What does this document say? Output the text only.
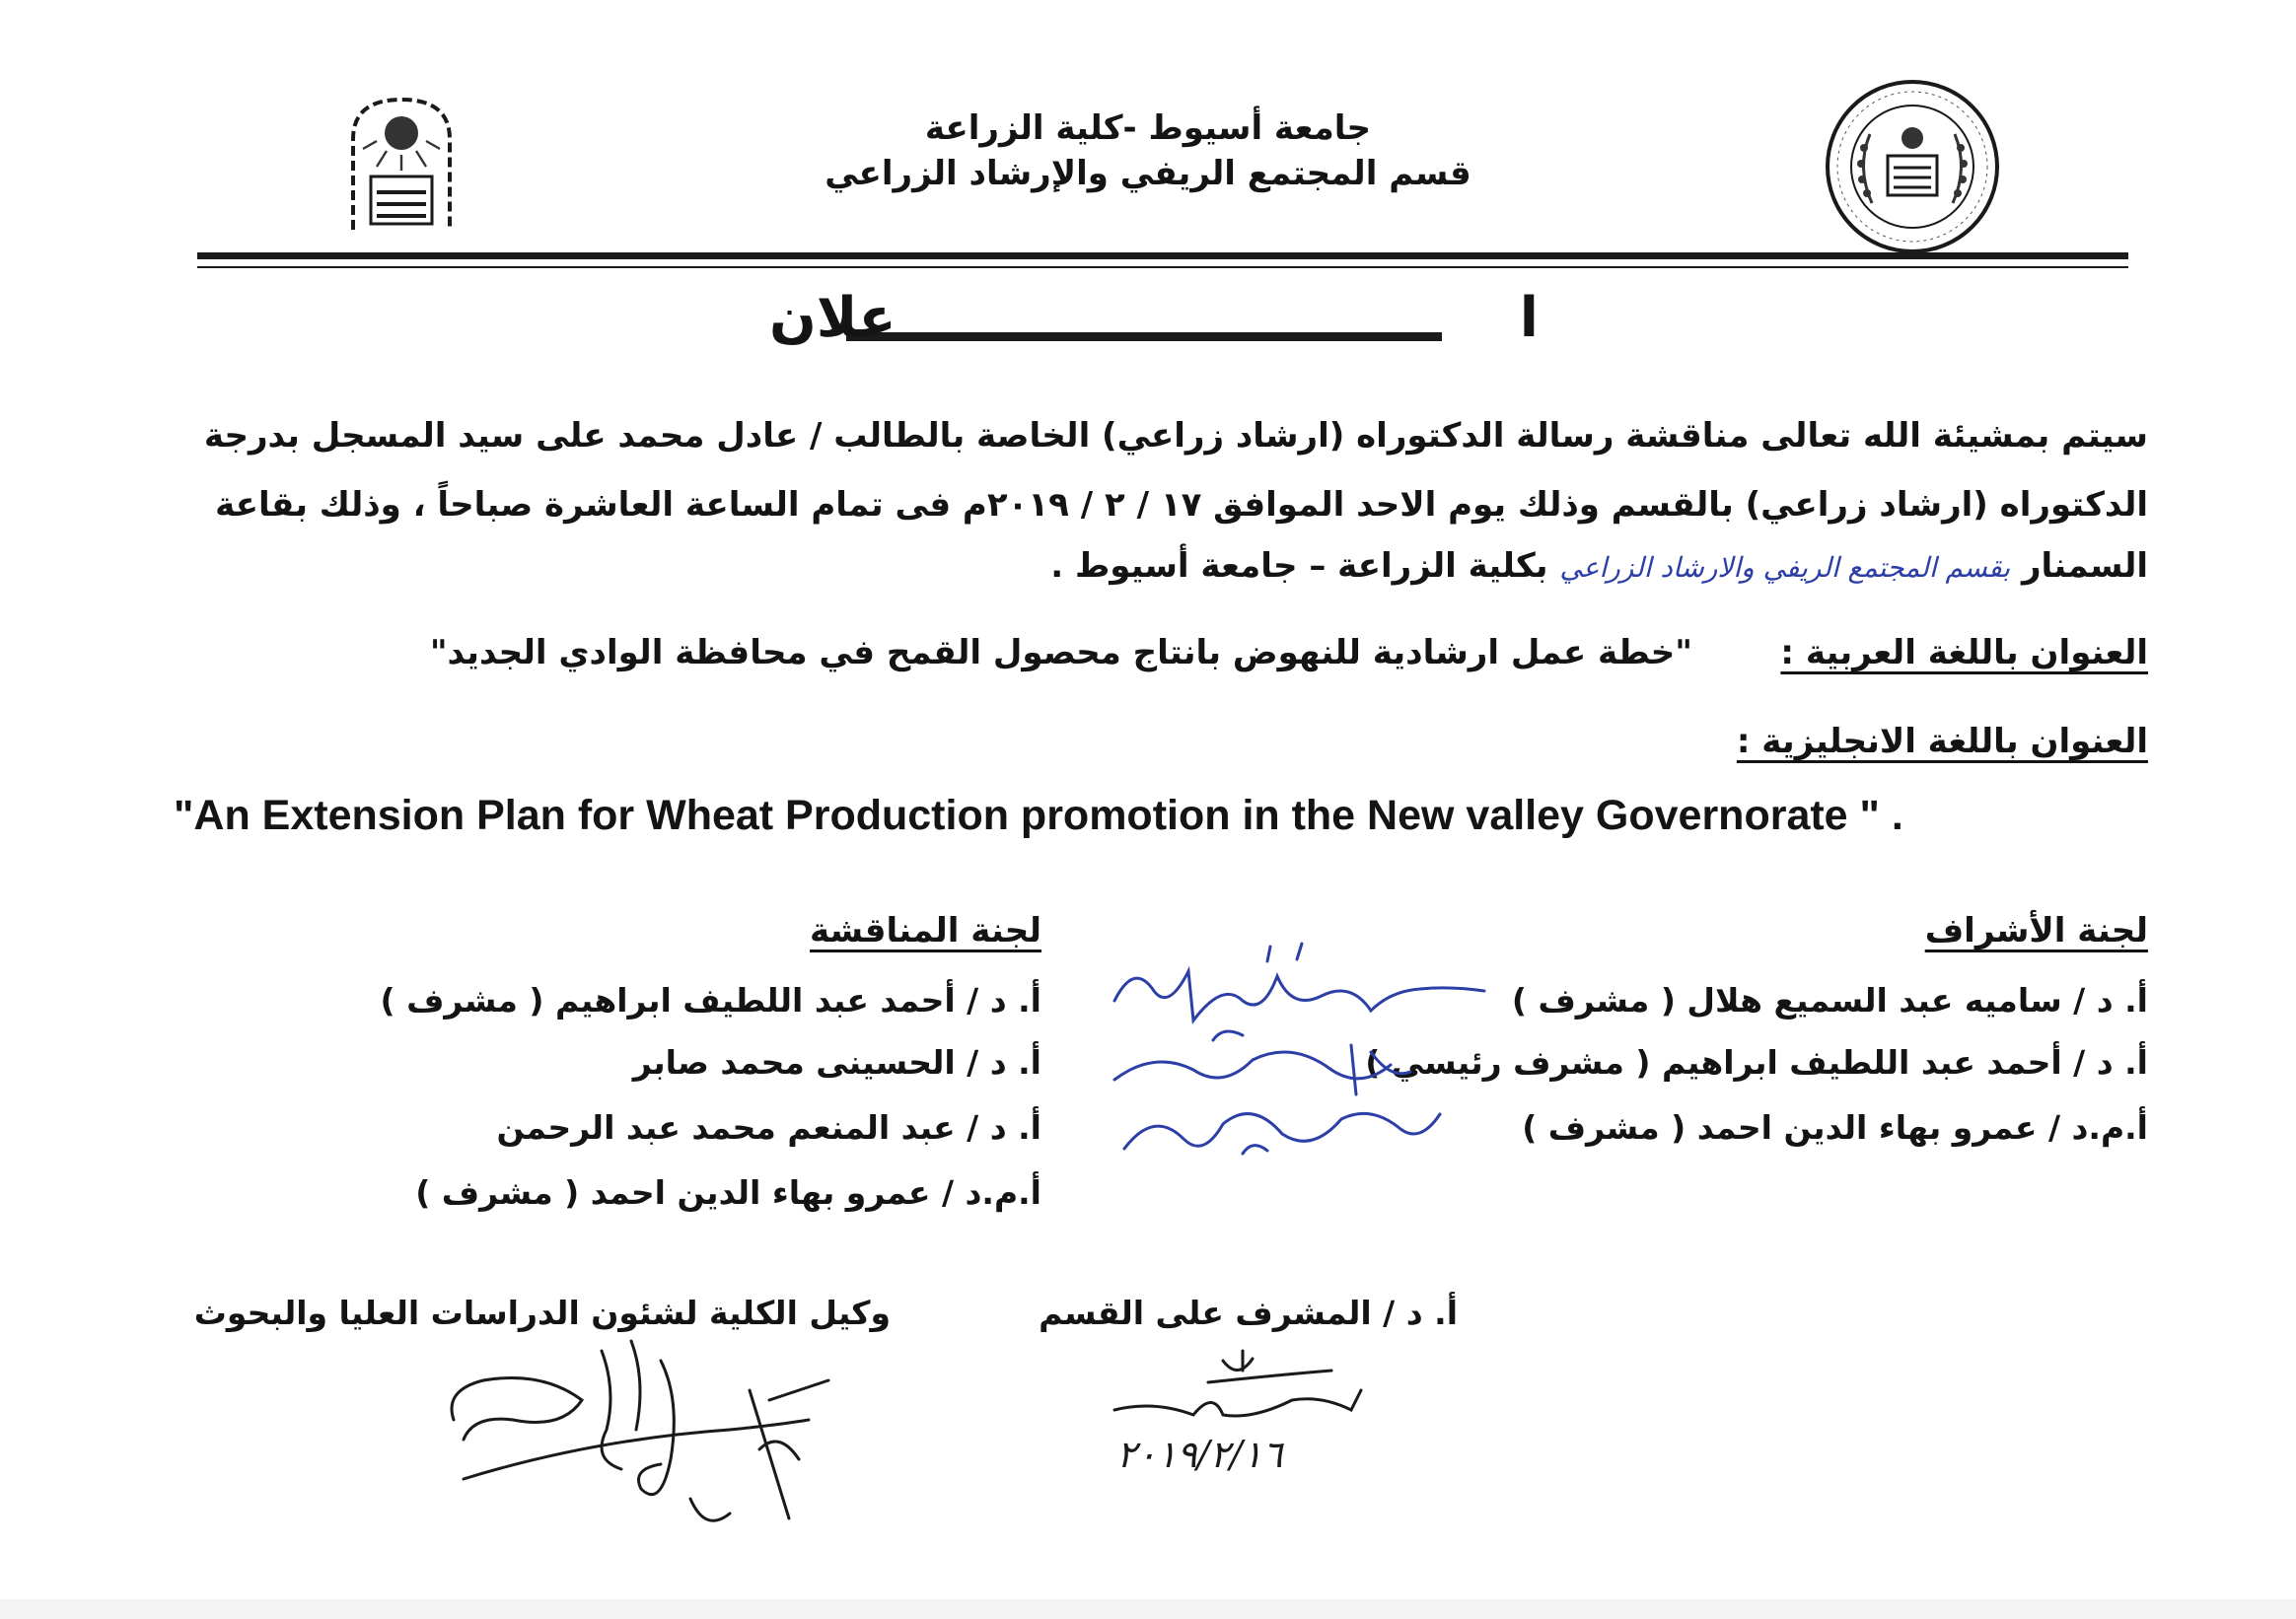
جامعة أسيوط -كلية الزراعة
قسم المجتمع الريفي والإرشاد الزراعي
ا
علان
سيتم بمشيئة الله تعالى مناقشة رسالة الدكتوراه (ارشاد زراعي) الخاصة بالطالب / عادل محمد على سيد المسجل بدرجة
الدكتوراه (ارشاد زراعي) بالقسم وذلك يوم الاحد الموافق ١٧ / ٢ / ٢٠١٩م فى تمام الساعة العاشرة صباحاً ، وذلك بقاعة
السمنار بقسم المجتمع الريفي والارشاد الزراعي بكلية الزراعة – جامعة أسيوط .
العنوان باللغة العربية :
"خطة عمل ارشادية للنهوض بانتاج محصول القمح في محافظة الوادي الجديد"
العنوان باللغة الانجليزية :
"An Extension Plan for Wheat Production promotion in the New valley Governorate " .
لجنة الأشراف
أ. د / ساميه عبد السميع هلال ( مشرف )
أ. د / أحمد عبد اللطيف ابراهيم ( مشرف رئيسي )
أ.م.د / عمرو بهاء الدين احمد ( مشرف )
لجنة المناقشة
أ. د / أحمد عبد اللطيف ابراهيم ( مشرف )
أ. د / الحسينى محمد صابر
أ. د / عبد المنعم محمد عبد الرحمن
أ.م.د / عمرو بهاء الدين احمد ( مشرف )
أ. د / المشرف على القسم
وكيل الكلية لشئون الدراسات العليا والبحوث
٢٠١٩/٢/١٦
